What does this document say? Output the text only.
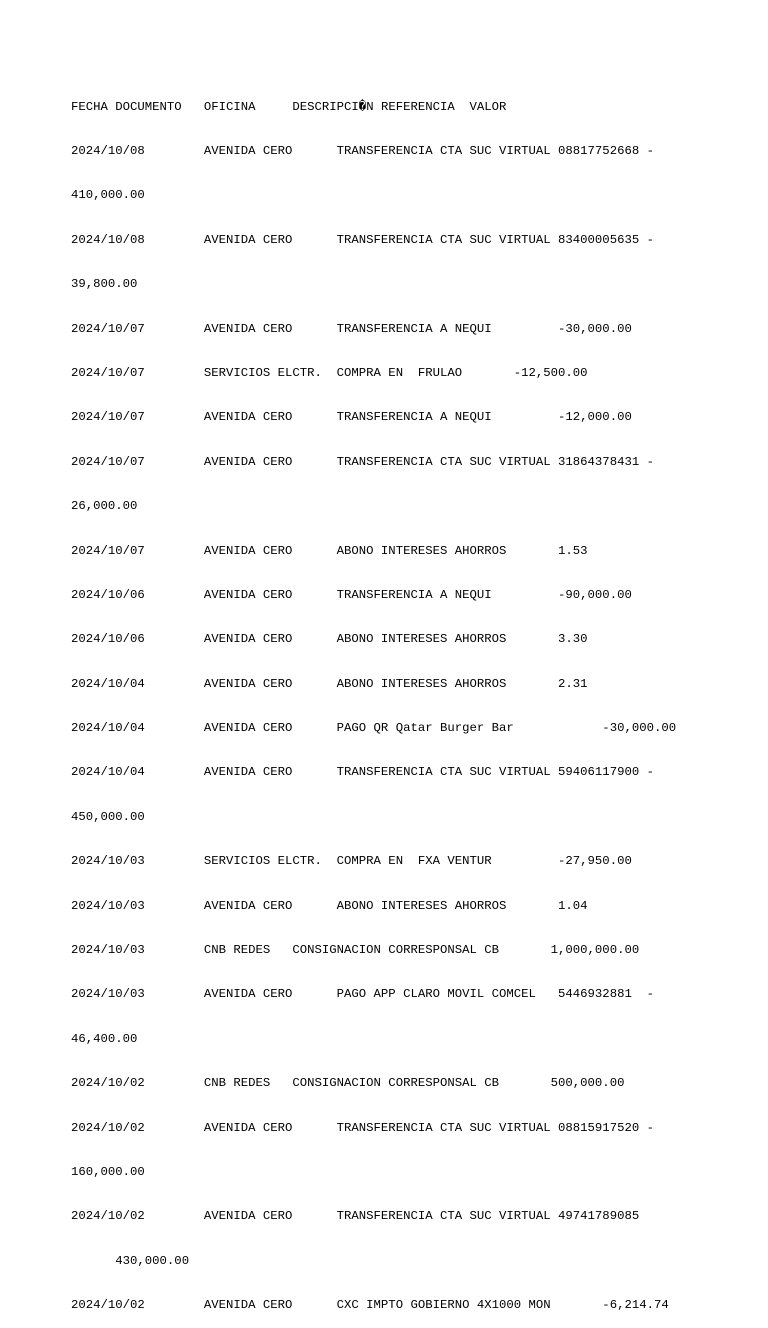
FECHA DOCUMENTO   OFICINA     DESCRIPCI�N REFERENCIA  VALOR

2024/10/08        AVENIDA CERO      TRANSFERENCIA CTA SUC VIRTUAL 08817752668 -

410,000.00

2024/10/08        AVENIDA CERO      TRANSFERENCIA CTA SUC VIRTUAL 83400005635 -

39,800.00

2024/10/07        AVENIDA CERO      TRANSFERENCIA A NEQUI         -30,000.00

2024/10/07        SERVICIOS ELCTR.  COMPRA EN  FRULAO       -12,500.00

2024/10/07        AVENIDA CERO      TRANSFERENCIA A NEQUI         -12,000.00

2024/10/07        AVENIDA CERO      TRANSFERENCIA CTA SUC VIRTUAL 31864378431 -

26,000.00

2024/10/07        AVENIDA CERO      ABONO INTERESES AHORROS       1.53

2024/10/06        AVENIDA CERO      TRANSFERENCIA A NEQUI         -90,000.00

2024/10/06        AVENIDA CERO      ABONO INTERESES AHORROS       3.30

2024/10/04        AVENIDA CERO      ABONO INTERESES AHORROS       2.31

2024/10/04        AVENIDA CERO      PAGO QR Qatar Burger Bar            -30,000.00

2024/10/04        AVENIDA CERO      TRANSFERENCIA CTA SUC VIRTUAL 59406117900 -

450,000.00

2024/10/03        SERVICIOS ELCTR.  COMPRA EN  FXA VENTUR         -27,950.00

2024/10/03        AVENIDA CERO      ABONO INTERESES AHORROS       1.04

2024/10/03        CNB REDES   CONSIGNACION CORRESPONSAL CB       1,000,000.00

2024/10/03        AVENIDA CERO      PAGO APP CLARO MOVIL COMCEL   5446932881  -

46,400.00

2024/10/02        CNB REDES   CONSIGNACION CORRESPONSAL CB       500,000.00

2024/10/02        AVENIDA CERO      TRANSFERENCIA CTA SUC VIRTUAL 08815917520 -

160,000.00

2024/10/02        AVENIDA CERO      TRANSFERENCIA CTA SUC VIRTUAL 49741789085

430,000.00

2024/10/02        AVENIDA CERO      CXC IMPTO GOBIERNO 4X1000 MON       -6,214.74
